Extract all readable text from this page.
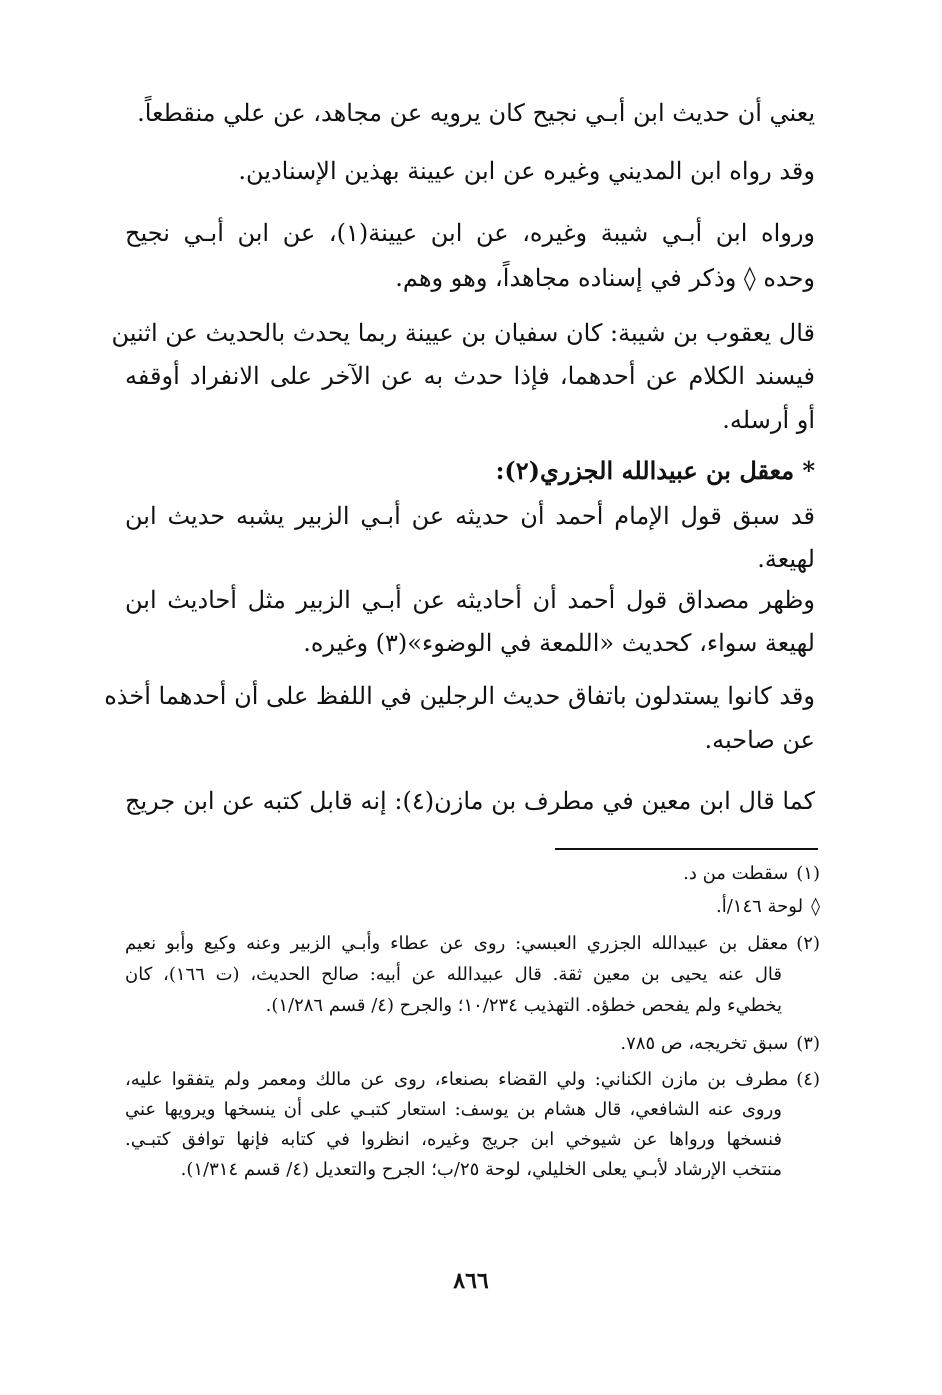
يعني أن حديث ابن أبـي نجيح كان يرويه عن مجاهد، عن علي منقطعاً.
وقد رواه ابن المديني وغيره عن ابن عيينة بهذين الإسنادين.
ورواه ابن أبـي شيبة وغيره، عن ابن عيينة(١)، عن ابن أبـي نجيح
وحده ◊ وذكر في إسناده مجاهداً، وهو وهم.
قال يعقوب بن شيبة: كان سفيان بن عيينة ربما يحدث بالحديث عن اثنين
فيسند الكلام عن أحدهما، فإذا حدث به عن الآخر على الانفراد أوقفه
أو أرسله.
* معقل بن عبيدالله الجزري(٢):
قد سبق قول الإمام أحمد أن حديثه عن أبـي الزبير يشبه حديث ابن
لهيعة.
وظهر مصداق قول أحمد أن أحاديثه عن أبـي الزبير مثل أحاديث ابن
لهيعة سواء، كحديث «اللمعة في الوضوء»(٣) وغيره.
وقد كانوا يستدلون باتفاق حديث الرجلين في اللفظ على أن أحدهما أخذه
عن صاحبه.
كما قال ابن معين في مطرف بن مازن(٤): إنه قابل كتبه عن ابن جريج
(١)سقطت من د.
◊لوحة ١٤٦/أ.
(٢)معقل بن عبيدالله الجزري العبسي: روى عن عطاء وأبـي الزبير وعنه وكيع وأبو نعيم
قال عنه يحيى بن معين ثقة. قال عبيدالله عن أبيه: صالح الحديث، (ت ١٦٦)، كان
يخطيء ولم يفحص خطؤه. التهذيب ١٠/٢٣٤؛ والجرح (٤/ قسم ١/٢٨٦).
(٣)سبق تخريجه، ص ٧٨٥.
(٤)مطرف بن مازن الكناني: ولي القضاء بصنعاء، روى عن مالك ومعمر ولم يتفقوا عليه،
وروى عنه الشافعي، قال هشام بن يوسف: استعار كتبـي على أن ينسخها ويرويها عني
فنسخها ورواها عن شيوخي ابن جريج وغيره، انظروا في كتابه فإنها توافق كتبـي.
منتخب الإرشاد لأبـي يعلى الخليلي، لوحة ٢٥/ب؛ الجرح والتعديل (٤/ قسم ١/٣١٤).
٨٦٦
